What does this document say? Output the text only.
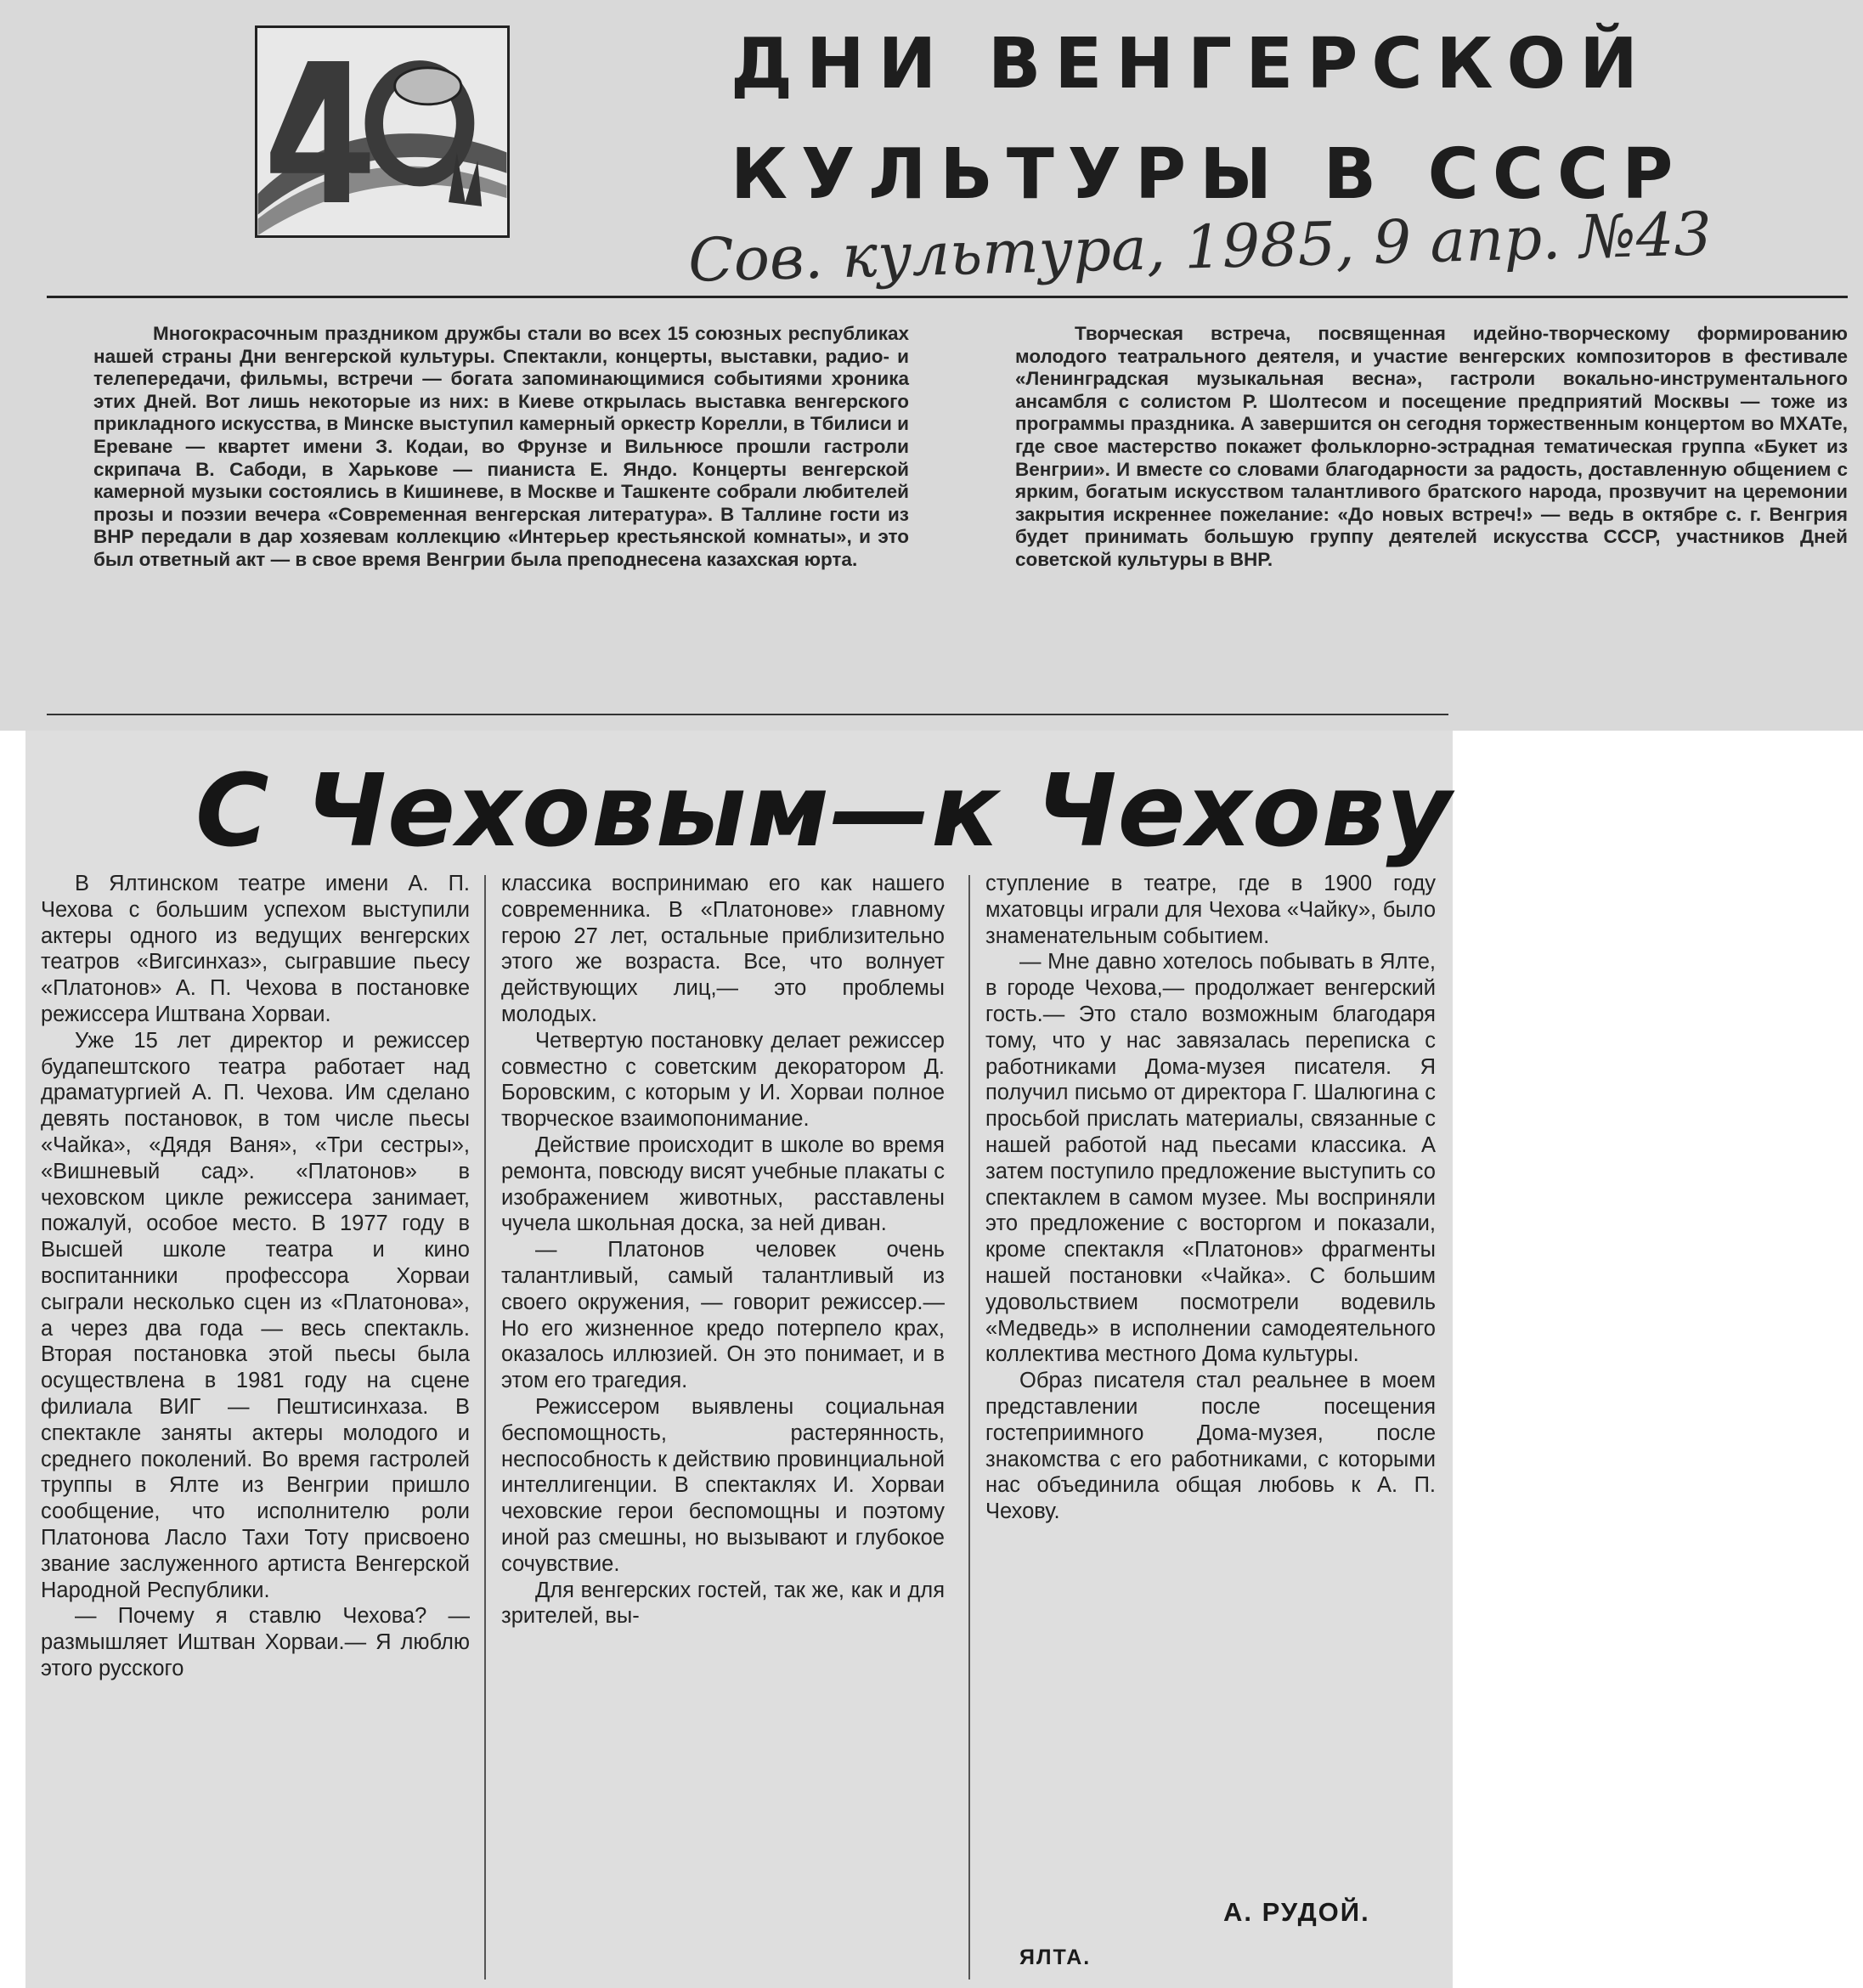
ДНИ ВЕНГЕРСКОЙ
КУЛЬТУРЫ В СССР
Сов. культура, 1985, 9 апр. №43
Многокрасочным праздником дружбы стали во всех 15 союзных республиках нашей страны Дни венгерской культуры. Спектакли, концерты, выставки, радио- и телепередачи, фильмы, встречи — богата запоминающимися событиями хроника этих Дней. Вот лишь некоторые из них: в Киеве открылась выставка венгерского прикладного искусства, в Минске выступил камерный оркестр Корелли, в Тбилиси и Ереване — квартет имени З. Кодаи, во Фрунзе и Вильнюсе прошли гастроли скрипача В. Сабоди, в Харькове — пианиста Е. Яндо. Концерты венгерской камерной музыки состоялись в Кишиневе, в Москве и Ташкенте собрали любителей прозы и поэзии вечера «Современная венгерская литература». В Таллине гости из ВНР передали в дар хозяевам коллекцию «Интерьер крестьянской комнаты», и это был ответный акт — в свое время Венгрии была преподнесена казахская юрта.
Творческая встреча, посвященная идейно-творческому формированию молодого театрального деятеля, и участие венгерских композиторов в фестивале «Ленинградская музыкальная весна», гастроли вокально-инструментального ансамбля с солистом Р. Шолтесом и посещение предприятий Москвы — тоже из программы праздника. А завершится он сегодня торжественным концертом во МХАТе, где свое мастерство покажет фольклорно-эстрадная тематическая группа «Букет из Венгрии». И вместе со словами благодарности за радость, доставленную общением с ярким, богатым искусством талантливого братского народа, прозвучит на церемонии закрытия искреннее пожелание: «До новых встреч!» — ведь в октябре с. г. Венгрия будет принимать большую группу деятелей искусства СССР, участников Дней советской культуры в ВНР.
С Чеховым—к Чехову

В Ялтинском театре имени А. П. Чехова с большим успехом выступили актеры одного из ведущих венгерских театров «Вигсинхаз», сыгравшие пьесу «Платонов» А. П. Чехова в постановке режиссера Иштвана Хорваи.

Уже 15 лет директор и режиссер будапештского театра работает над драматургией А. П. Чехова. Им сделано девять постановок, в том числе пьесы «Чайка», «Дядя Ваня», «Три сестры», «Вишневый сад». «Платонов» в чеховском цикле режиссера занимает, пожалуй, особое место. В 1977 году в Высшей школе театра и кино воспитанники профессора Хорваи сыграли несколько сцен из «Платонова», а через два года — весь спектакль. Вторая постановка этой пьесы была осуществлена в 1981 году на сцене филиала ВИГ — Пештисинхаза. В спектакле заняты актеры молодого и среднего поколений. Во время гастролей труппы в Ялте из Венгрии пришло сообщение, что исполнителю роли Платонова Ласло Тахи Тоту присвоено звание заслуженного артиста Венгерской Народной Республики.

— Почему я ставлю Чехова? — размышляет Иштван Хорваи.— Я люблю этого русского

классика воспринимаю его как нашего современника. В «Платонове» главному герою 27 лет, остальные приблизительно этого же возраста. Все, что волнует действующих лиц,— это проблемы молодых.

Четвертую постановку делает режиссер совместно с советским декоратором Д. Боровским, с которым у И. Хорваи полное творческое взаимопонимание.

Действие происходит в школе во время ремонта, повсюду висят учебные плакаты с изображением животных, расставлены чучела школьная доска, за ней диван.

— Платонов человек очень талантливый, самый талантливый из своего окружения, — говорит режиссер.— Но его жизненное кредо потерпело крах, оказалось иллюзией. Он это понимает, и в этом его трагедия.

Режиссером выявлены социальная беспомощность, растерянность, неспособность к действию провинциальной интеллигенции. В спектаклях И. Хорваи чеховские герои беспомощны и поэтому иной раз смешны, но вызывают и глубокое сочувствие.

Для венгерских гостей, так же, как и для зрителей, вы-

ступление в театре, где в 1900 году мхатовцы играли для Чехова «Чайку», было знаменательным событием.

— Мне давно хотелось побывать в Ялте, в городе Чехова,— продолжает венгерский гость.— Это стало возможным благодаря тому, что у нас завязалась переписка с работниками Дома-музея писателя. Я получил письмо от директора Г. Шалюгина с просьбой прислать материалы, связанные с нашей работой над пьесами классика. А затем поступило предложение выступить со спектаклем в самом музее. Мы восприняли это предложение с восторгом и показали, кроме спектакля «Платонов» фрагменты нашей постановки «Чайка». С большим удовольствием посмотрели водевиль «Медведь» в исполнении самодеятельного коллектива местного Дома культуры.

Образ писателя стал реальнее в моем представлении после посещения гостеприимного Дома-музея, после знакомства с его работниками, с которыми нас объединила общая любовь к А. П. Чехову.

А. РУДОЙ.
ЯЛТА.
